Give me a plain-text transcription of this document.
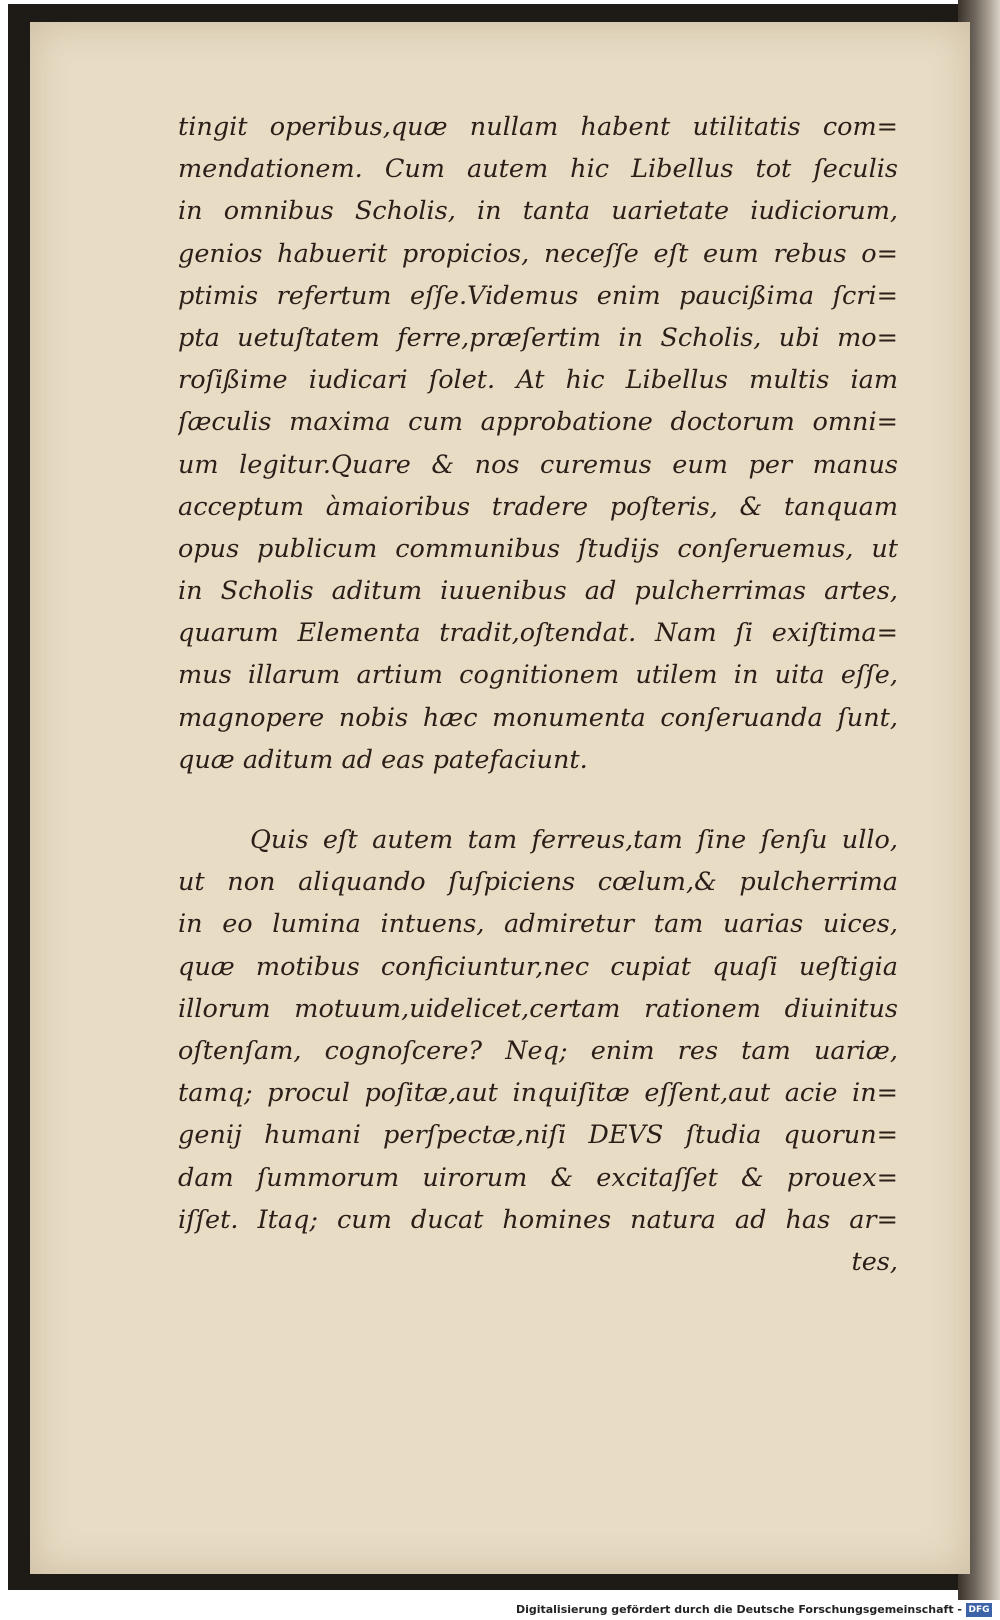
tingit operibus,quæ nullam habent utilitatis com=
mendationem. Cum autem hic Libellus tot ſeculis
in omnibus Scholis, in tanta uarietate iudiciorum,
genios habuerit propicios, neceſſe eſt eum rebus o=
ptimis refertum eſſe.Videmus enim paucißima ſcri=
pta uetuſtatem ferre,præſertim in Scholis, ubi mo=
roſißime iudicari ſolet. At hic Libellus multis iam
ſæculis maxima cum approbatione doctorum omni=
um legitur.Quare & nos curemus eum per manus
acceptum àmaioribus tradere poſteris, & tanquam
opus publicum communibus ſtudijs conſeruemus, ut
in Scholis aditum iuuenibus ad pulcherrimas artes,
quarum Elementa tradit,oſtendat. Nam ſi exiſtima=
mus illarum artium cognitionem utilem in uita eſſe,
magnopere nobis hæc monumenta conſeruanda ſunt,
quæ aditum ad eas patefaciunt.
Quis eſt autem tam ferreus,tam ſine ſenſu ullo,
ut non aliquando ſuſpiciens cœlum,& pulcherrima
in eo lumina intuens, admiretur tam uarias uices,
quæ motibus conficiuntur,nec cupiat quaſi ueſtigia
illorum motuum,uidelicet,certam rationem diuinitus
oſtenſam, cognoſcere? Neq; enim res tam uariæ,
tamq; procul poſitæ,aut inquiſitæ eſſent,aut acie in=
genij humani perſpectæ,niſi DEVS ſtudia quorun=
dam ſummorum uirorum & excitaſſet & prouex=
iſſet. Itaq; cum ducat homines natura ad has ar=
tes,
Digitalisierung gefördert durch die Deutsche Forschungsgemeinschaft - DFG
